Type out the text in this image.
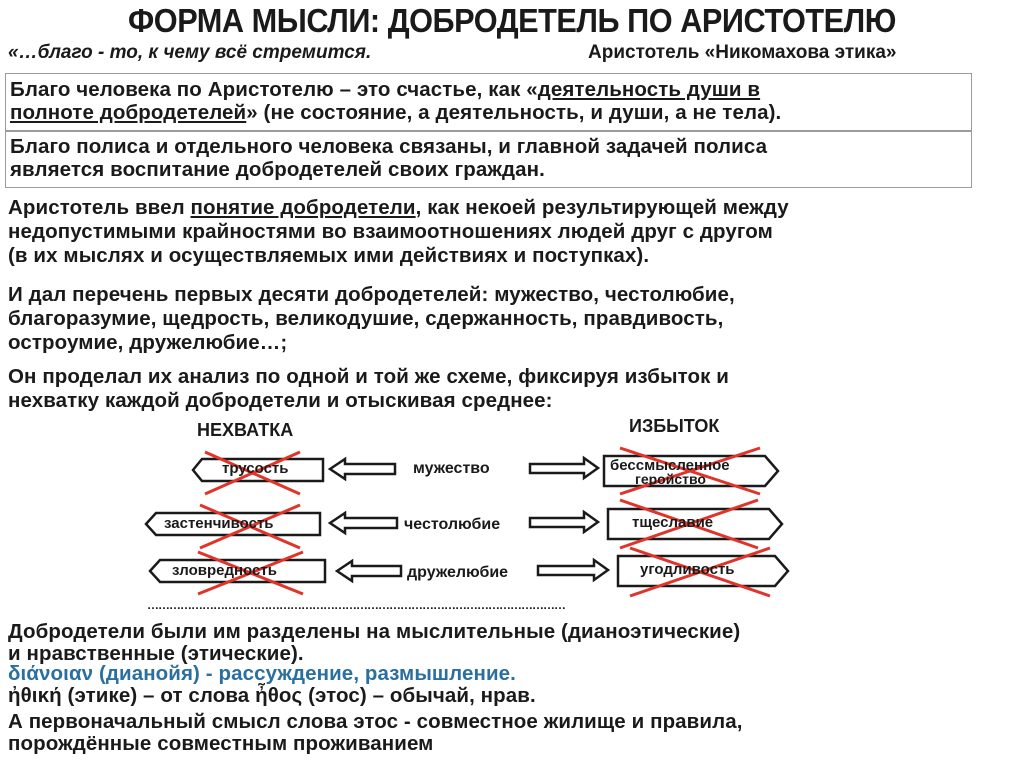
ФОРМА МЫСЛИ: ДОБРОДЕТЕЛЬ ПО АРИСТОТЕЛЮ
«…благо - то, к чему всё стремится.	Аристотель «Никомахова этика»
Благо человека по Аристотелю – это счастье, как «деятельность души в
полноте добродетелей» (не состояние, а деятельность, и души, а не тела).
Благо полиса и отдельного человека связаны, и главной задачей полиса
является воспитание добродетелей своих граждан.
Аристотель ввел понятие добродетели, как некоей результирующей между
недопустимыми крайностями во взаимоотношениях людей друг с другом
(в их мыслях и осуществляемых ими действиях и поступках).
И дал перечень первых десяти добродетелей: мужество, честолюбие,
благоразумие, щедрость, великодушие, сдержанность, правдивость,
остроумие, дружелюбие…;
Он проделал их анализ по одной и той же схеме, фиксируя избыток и
нехватку каждой добродетели и отыскивая среднее:
НЕХВАТКА	ИЗБЫТОК
трусость	мужество	бессмысленное
геройство
застенчивость	честолюбие	тщеславие
зловредность	дружелюбие	угодливость
……………………………………………………………………………………………………
Добродетели были им разделены на мыслительные (дианоэтические)
и нравственные (этические).
διάνοιαν (дианойя) - рассуждение, размышление.
ἠθική (этике) – от слова ἦθος (этос) – обычай, нрав.
А первоначальный смысл слова этос - совместное жилище и правила,
порождённые совместным проживанием
